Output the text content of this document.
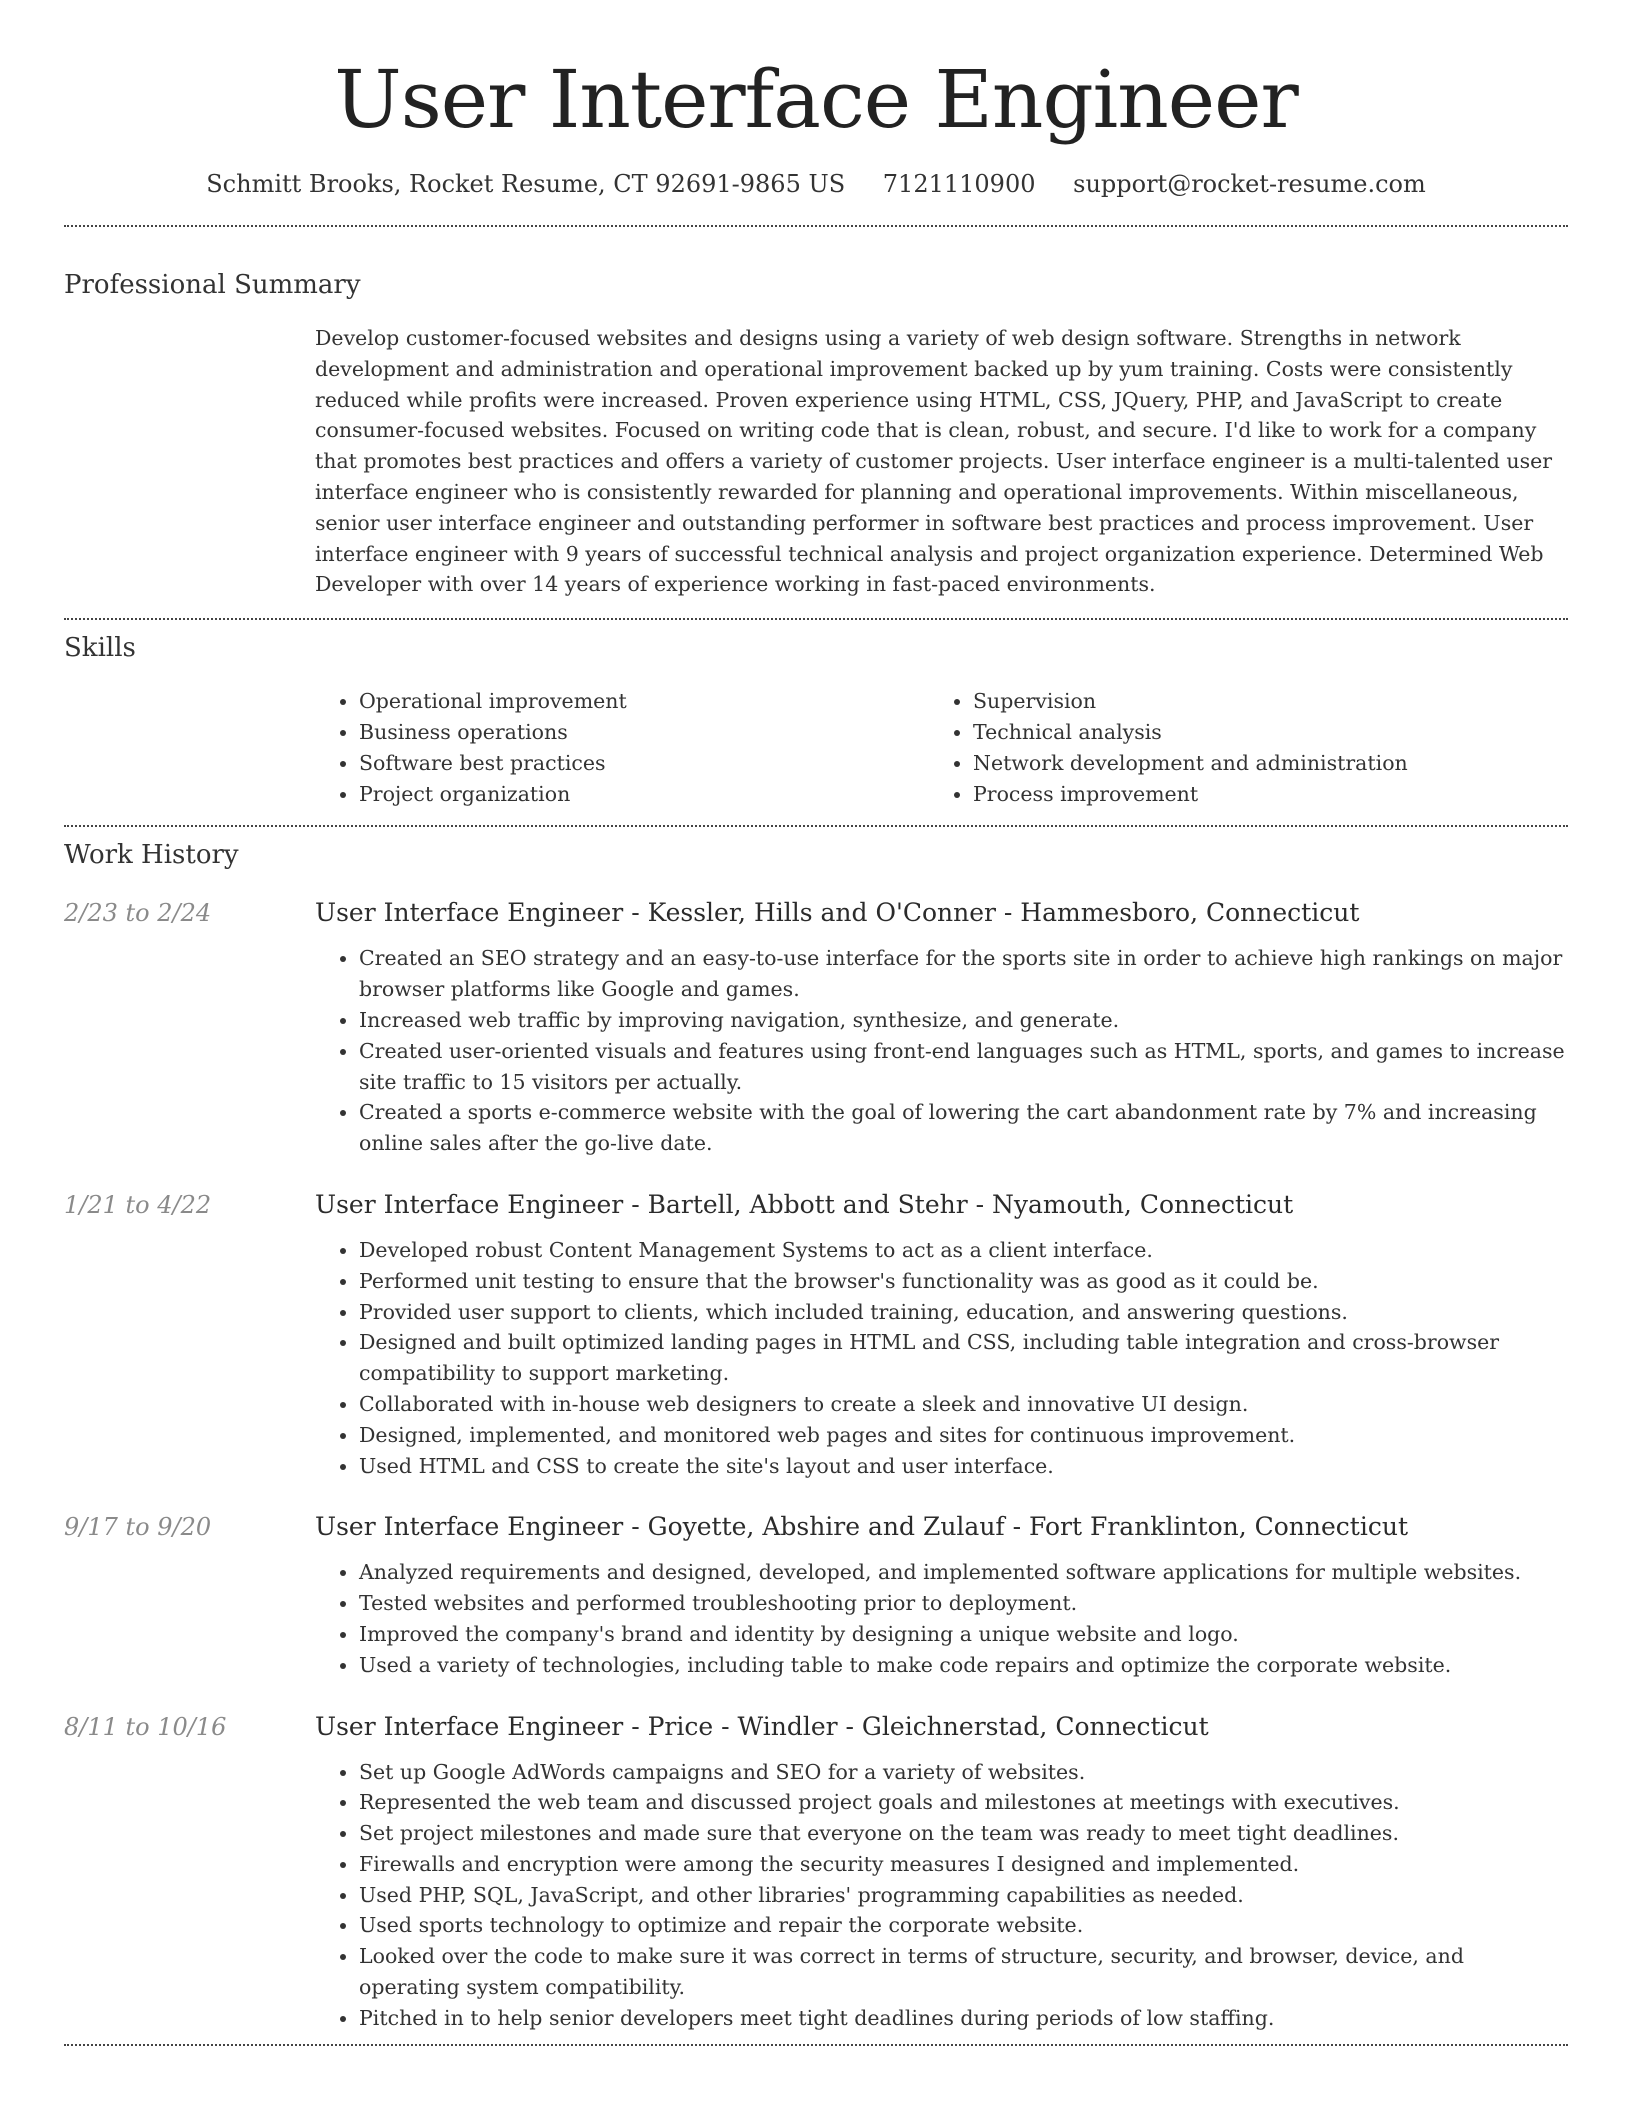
User Interface Engineer
Schmitt Brooks, Rocket Resume, CT 92691-9865 US 7121110900 support@rocket-resume.com
Professional Summary

Develop customer-focused websites and designs using a variety of web design software. Strengths in network development and administration and operational improvement backed up by yum training. Costs were consistently reduced while profits were increased. Proven experience using HTML, CSS, JQuery, PHP, and JavaScript to create consumer-focused websites. Focused on writing code that is clean, robust, and secure. I'd like to work for a company that promotes best practices and offers a variety of customer projects. User interface engineer is a multi-talented user interface engineer who is consistently rewarded for planning and operational improvements. Within miscellaneous, senior user interface engineer and outstanding performer in software best practices and process improvement. User interface engineer with 9 years of successful technical analysis and project organization experience. Determined Web Developer with over 14 years of experience working in fast-paced environments.

Skills
• Operational improvement
• Business operations
• Software best practices
• Project organization
• Supervision
• Technical analysis
• Network development and administration
• Process improvement
Work History
2/23 to 2/24	User Interface Engineer - Kessler, Hills and O'Conner - Hammesboro, Connecticut
• Created an SEO strategy and an easy-to-use interface for the sports site in order to achieve high rankings on major browser platforms like Google and games.
• Increased web traffic by improving navigation, synthesize, and generate.
• Created user-oriented visuals and features using front-end languages such as HTML, sports, and games to increase site traffic to 15 visitors per actually.
• Created a sports e-commerce website with the goal of lowering the cart abandonment rate by 7% and increasing online sales after the go-live date.
1/21 to 4/22	User Interface Engineer - Bartell, Abbott and Stehr - Nyamouth, Connecticut
• Developed robust Content Management Systems to act as a client interface.
• Performed unit testing to ensure that the browser's functionality was as good as it could be.
• Provided user support to clients, which included training, education, and answering questions.
• Designed and built optimized landing pages in HTML and CSS, including table integration and cross-browser compatibility to support marketing.
• Collaborated with in-house web designers to create a sleek and innovative UI design.
• Designed, implemented, and monitored web pages and sites for continuous improvement.
• Used HTML and CSS to create the site's layout and user interface.
9/17 to 9/20	User Interface Engineer - Goyette, Abshire and Zulauf - Fort Franklinton, Connecticut
• Analyzed requirements and designed, developed, and implemented software applications for multiple websites.
• Tested websites and performed troubleshooting prior to deployment.
• Improved the company's brand and identity by designing a unique website and logo.
• Used a variety of technologies, including table to make code repairs and optimize the corporate website.
8/11 to 10/16	User Interface Engineer - Price - Windler - Gleichnerstad, Connecticut
• Set up Google AdWords campaigns and SEO for a variety of websites.
• Represented the web team and discussed project goals and milestones at meetings with executives.
• Set project milestones and made sure that everyone on the team was ready to meet tight deadlines.
• Firewalls and encryption were among the security measures I designed and implemented.
• Used PHP, SQL, JavaScript, and other libraries' programming capabilities as needed.
• Used sports technology to optimize and repair the corporate website.
• Looked over the code to make sure it was correct in terms of structure, security, and browser, device, and operating system compatibility.
• Pitched in to help senior developers meet tight deadlines during periods of low staffing.
